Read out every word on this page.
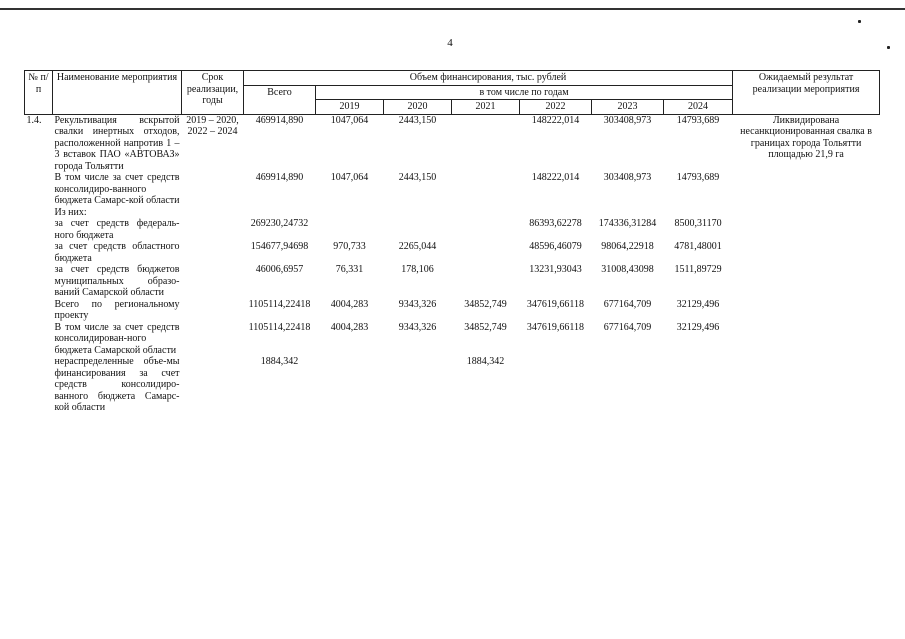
4
№ п/п	Наименование мероприятия	Срок реализации, годы	Объем финансирования, тыс. рублей							Ожидаемый результат реализации мероприятия
			Всего	в том числе по годам						
				2019	2020	2021	2022	2023	2024	
1.4.	Рекультивация вскрытой свалки инертных отходов, расположенной напротив 1 – 3 вставок ПАО «АВТОВАЗ» города Тольятти	2019 – 2020, 2022 – 2024	469914,890	1047,064	2443,150		148222,014	303408,973	14793,689	Ликвидирована несанкционированная свалка в границах города Тольятти площадью 21,9 га
	В том числе за счет средств консолидиро-ванного бюджета Самарс-кой области		469914,890	1047,064	2443,150		148222,014	303408,973	14793,689	
	Из них:									
	за счет средств федераль-ного бюджета		269230,24732				86393,62278	174336,31284	8500,31170	
	за счет средств областного бюджета		154677,94698	970,733	2265,044		48596,46079	98064,22918	4781,48001	
	за счет средств бюджетов муниципальных образо-ваний Самарской области		46006,6957	76,331	178,106		13231,93043	31008,43098	1511,89729	
	Всего по региональному проекту		1105114,22418	4004,283	9343,326	34852,749	347619,66118	677164,709	32129,496	
	В том числе за счет средств консолидирован-ного бюджета Самарской области		1105114,22418	4004,283	9343,326	34852,749	347619,66118	677164,709	32129,496	
	нераспределенные объе-мы финансирования за счет средств консолидиро-ванного бюджета Самарс-кой области		1884,342			1884,342				
